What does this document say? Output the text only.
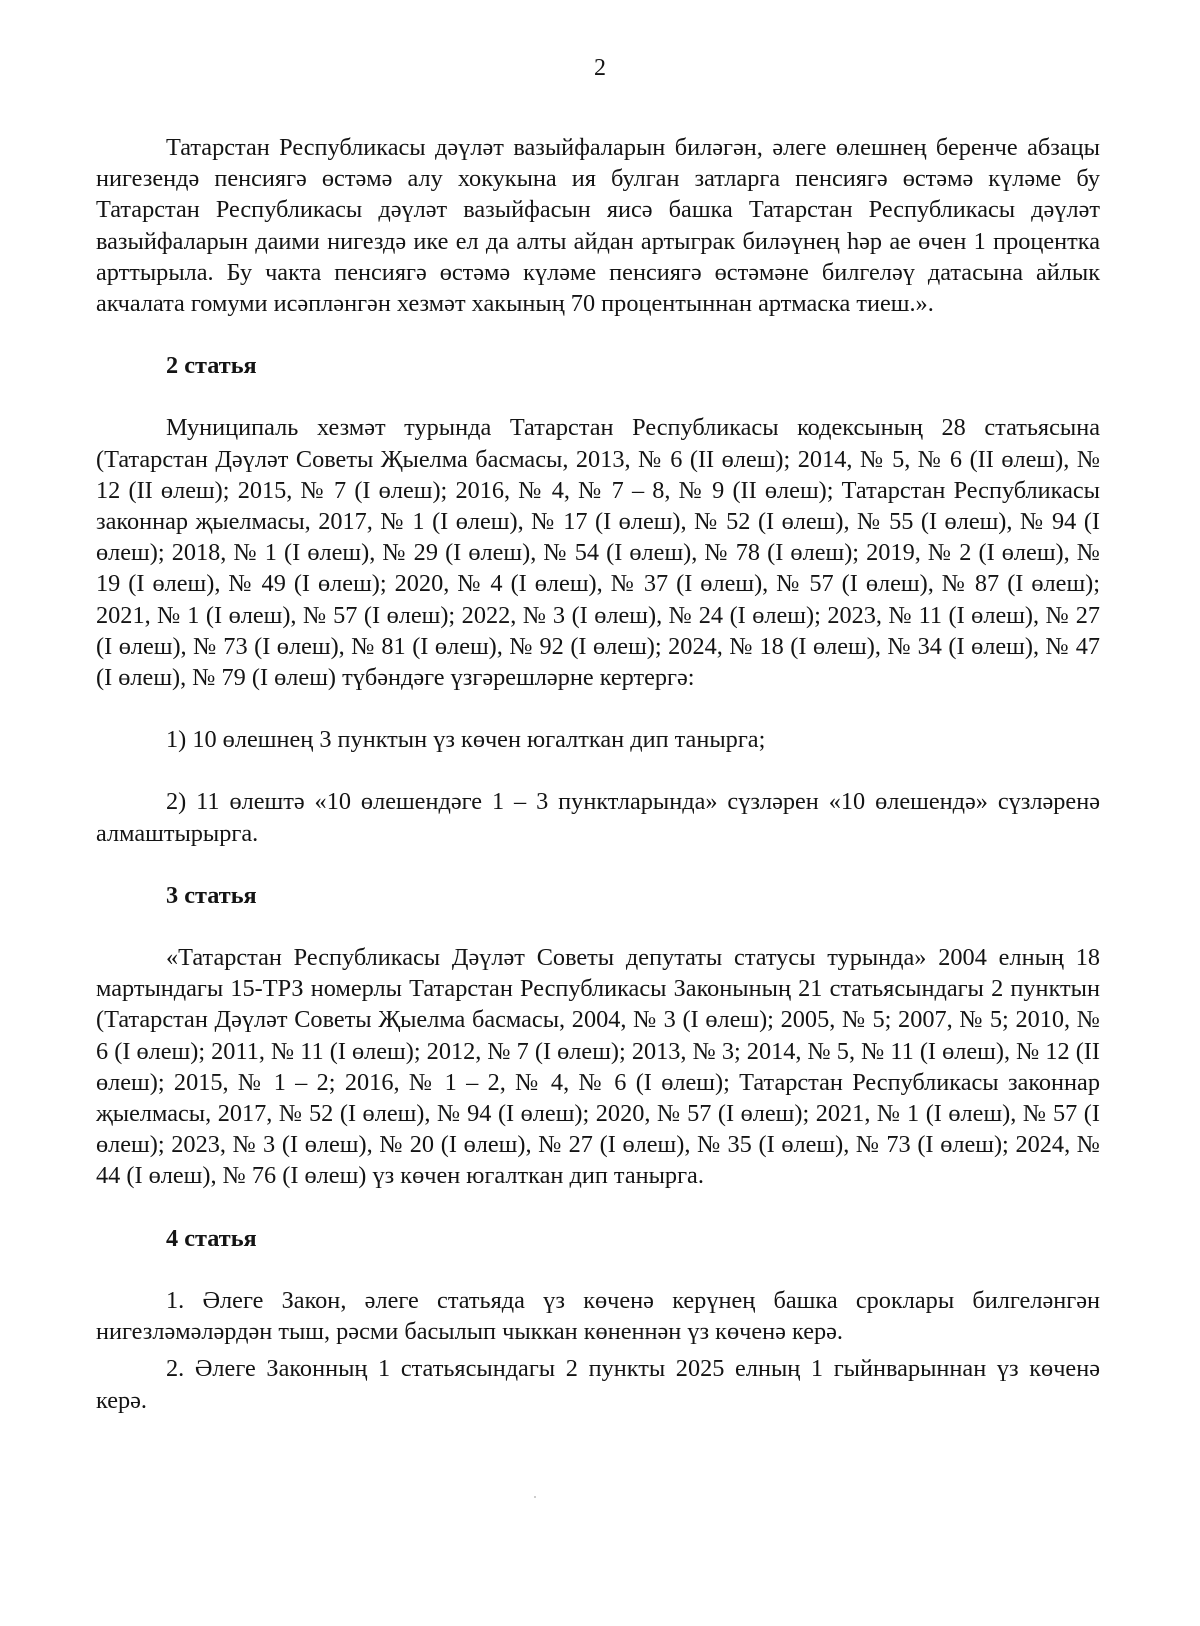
2

Татарстан Республикасы дәүләт вазыйфаларын биләгән, әлеге өлешнең беренче абзацы нигезендә пенсиягә өстәмә алу хокукына ия булган затларга пенсиягә өстәмә күләме бу Татарстан Республикасы дәүләт вазыйфасын яисә башка Татарстан Республикасы дәүләт вазыйфаларын даими нигездә ике ел да алты айдан артыграк биләүнең һәр ае өчен 1 процентка арттырыла. Бу чакта пенсиягә өстәмә күләме пенсиягә өстәмәне билгеләү датасына айлык акчалата гомуми исәпләнгән хезмәт хакының 70 процентыннан артмаска тиеш.».

2 статья

Муниципаль хезмәт турында Татарстан Республикасы кодексының 28 статьясына (Татарстан Дәүләт Советы Җыелма басмасы, 2013, № 6 (II өлеш); 2014, № 5, № 6 (II өлеш), № 12 (II өлеш); 2015, № 7 (I өлеш); 2016, № 4, № 7 – 8, № 9 (II өлеш); Татарстан Республикасы законнар җыелмасы, 2017, № 1 (I өлеш), № 17 (I өлеш), № 52 (I өлеш), № 55 (I өлеш), № 94 (I өлеш); 2018, № 1 (I өлеш), № 29 (I өлеш), № 54 (I өлеш), № 78 (I өлеш); 2019, № 2 (I өлеш), № 19 (I өлеш), № 49 (I өлеш); 2020, № 4 (I өлеш), № 37 (I өлеш), № 57 (I өлеш), № 87 (I өлеш); 2021, № 1 (I өлеш), № 57 (I өлеш); 2022, № 3 (I өлеш), № 24 (I өлеш); 2023, № 11 (I өлеш), № 27 (I өлеш), № 73 (I өлеш), № 81 (I өлеш), № 92 (I өлеш); 2024, № 18 (I өлеш), № 34 (I өлеш), № 47 (I өлеш), № 79 (I өлеш) түбәндәге үзгәрешләрне кертергә:

1) 10 өлешнең 3 пунктын үз көчен югалткан дип танырга;

2) 11 өлештә «10 өлешендәге 1 – 3 пунктларында» сүзләрен «10 өлешендә» сүзләренә алмаштырырга.

3 статья

«Татарстан Республикасы Дәүләт Советы депутаты статусы турында» 2004 елның 18 мартындагы 15-ТРЗ номерлы Татарстан Республикасы Законының 21 статьясындагы 2 пунктын (Татарстан Дәүләт Советы Җыелма басмасы, 2004, № 3 (I өлеш); 2005, № 5; 2007, № 5; 2010, № 6 (I өлеш); 2011, № 11 (I өлеш); 2012, № 7 (I өлеш); 2013, № 3; 2014, № 5, № 11 (I өлеш), № 12 (II өлеш); 2015, № 1 – 2; 2016, № 1 – 2, № 4, № 6 (I өлеш); Татарстан Республикасы законнар җыелмасы, 2017, № 52 (I өлеш), № 94 (I өлеш); 2020, № 57 (I өлеш); 2021, № 1 (I өлеш), № 57 (I өлеш); 2023, № 3 (I өлеш), № 20 (I өлеш), № 27 (I өлеш), № 35 (I өлеш), № 73 (I өлеш); 2024, № 44 (I өлеш), № 76 (I өлеш) үз көчен югалткан дип танырга.

4 статья

1. Әлеге Закон, әлеге статьяда үз көченә керүнең башка сроклары билгеләнгән нигезләмәләрдән тыш, рәсми басылып чыккан көненнән үз көченә керә.

2. Әлеге Законның 1 статьясындагы 2 пункты 2025 елның 1 гыйнварыннан үз көченә керә.
